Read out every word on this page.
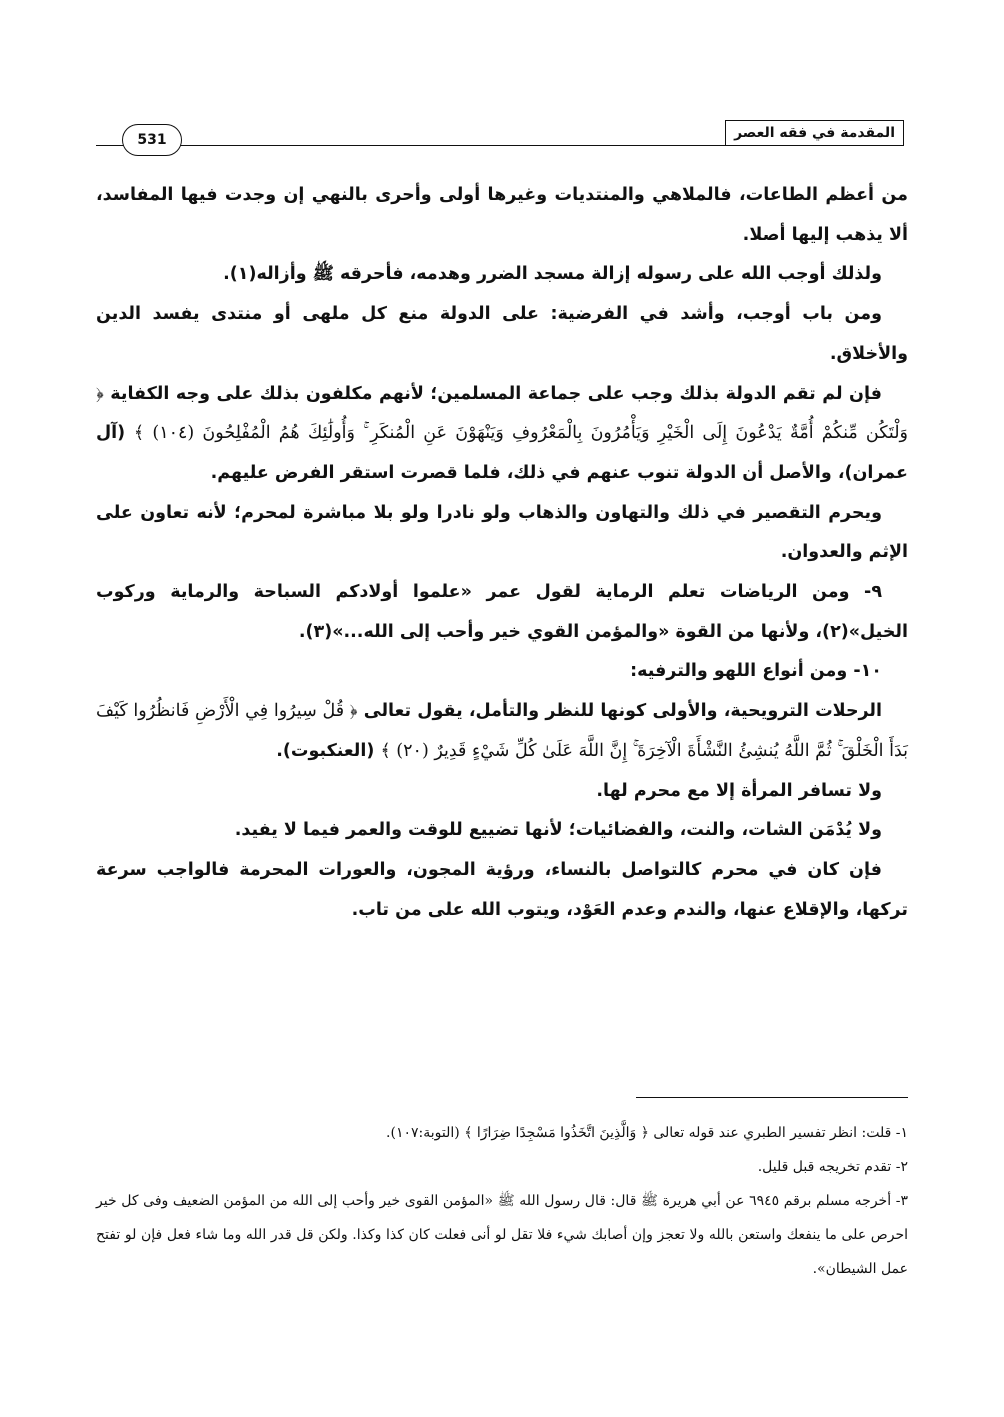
المقدمة في فقه العصر
531

من أعظم الطاعات، فالملاهي والمنتديات وغيرها أولى وأحرى بالنهي إن وجدت فيها المفاسد، ألا يذهب إليها أصلا.

ولذلك أوجب الله على رسوله إزالة مسجد الضرر وهدمه، فأحرقه ﷺ وأزاله(١).

ومن باب أوجب، وأشد في الفرضية: على الدولة منع كل ملهى أو منتدى يفسد الدين والأخلاق.

فإن لم تقم الدولة بذلك وجب على جماعة المسلمين؛ لأنهم مكلفون بذلك على وجه الكفاية ﴿ وَلْتَكُن مِّنكُمْ أُمَّةٌ يَدْعُونَ إِلَى الْخَيْرِ وَيَأْمُرُونَ بِالْمَعْرُوفِ وَيَنْهَوْنَ عَنِ الْمُنكَرِ ۚ وَأُولَٰئِكَ هُمُ الْمُفْلِحُونَ (١٠٤) ﴾ (آل عمران)، والأصل أن الدولة تنوب عنهم في ذلك، فلما قصرت استقر الفرض عليهم.

ويحرم التقصير في ذلك والتهاون والذهاب ولو نادرا ولو بلا مباشرة لمحرم؛ لأنه تعاون على الإثم والعدوان.

٩- ومن الرياضات تعلم الرماية لقول عمر «علموا أولادكم السباحة والرماية وركوب الخيل»(٢)، ولأنها من القوة «والمؤمن القوي خير وأحب إلى الله...»(٣).

١٠- ومن أنواع اللهو والترفيه:

الرحلات الترويحية، والأولى كونها للنظر والتأمل، يقول تعالى ﴿ قُلْ سِيرُوا فِي الْأَرْضِ فَانظُرُوا كَيْفَ بَدَأَ الْخَلْقَ ۚ ثُمَّ اللَّهُ يُنشِئُ النَّشْأَةَ الْآخِرَةَ ۚ إِنَّ اللَّهَ عَلَىٰ كُلِّ شَيْءٍ قَدِيرٌ (٢٠) ﴾ (العنكبوت).

ولا تسافر المرأة إلا مع محرم لها.

ولا يُدْمَن الشات، والنت، والفضائيات؛ لأنها تضييع للوقت والعمر فيما لا يفيد.

فإن كان في محرم كالتواصل بالنساء، ورؤية المجون، والعورات المحرمة فالواجب سرعة تركها، والإقلاع عنها، والندم وعدم العَوْد، ويتوب الله على من تاب.

١- قلت: انظر تفسير الطبري عند قوله تعالى ﴿ وَالَّذِينَ اتَّخَذُوا مَسْجِدًا ضِرَارًا ﴾ (التوبة:١٠٧).

٢- تقدم تخريجه قبل قليل.

٣- أخرجه مسلم برقم ٦٩٤٥ عن أبي هريرة ﷺ قال: قال رسول الله ﷺ «المؤمن القوى خير وأحب إلى الله من المؤمن الضعيف وفى كل خير احرص على ما ينفعك واستعن بالله ولا تعجز وإن أصابك شيء فلا تقل لو أنى فعلت كان كذا وكذا. ولكن قل قدر الله وما شاء فعل فإن لو تفتح عمل الشيطان».
